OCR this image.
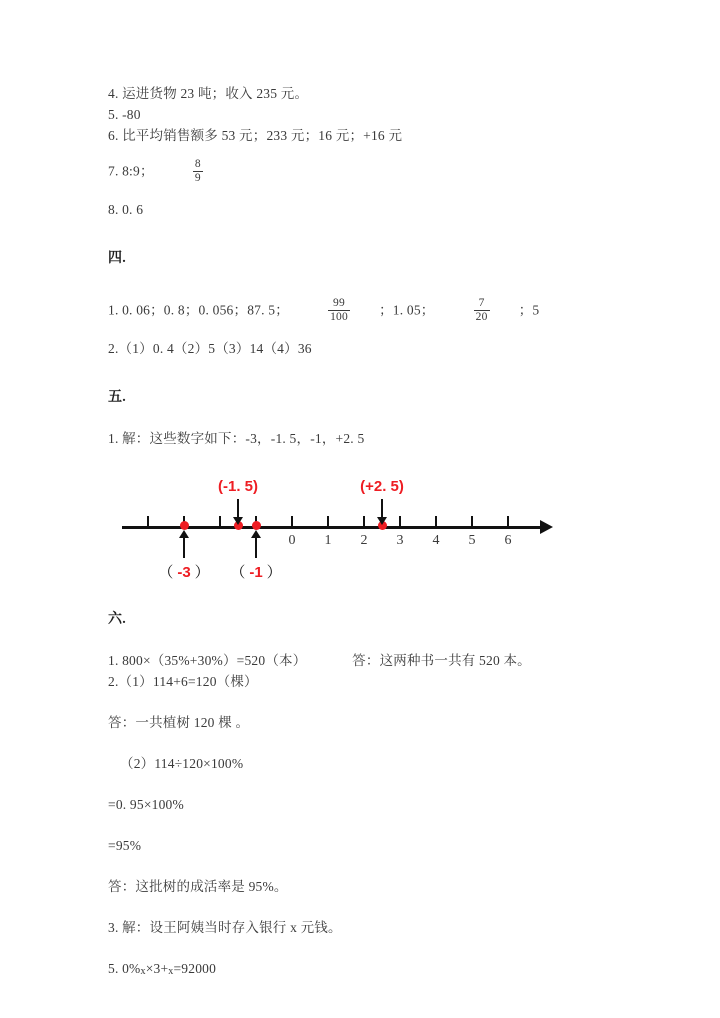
4. 运进货物 23 吨；收入 235 元。
5. -80
6. 比平均销售额多 53 元；233 元；16 元；+16 元
7. 8:9；	$\frac{8}{9}$
8. 0. 6
四.
1. 0. 06；0. 8；0. 056；87. 5；	$\frac{99}{100}$ ；1. 05；	$\frac{7}{20}$ ；5
2.（1）0. 4（2）5（3）14（4）36
五.
1. 解：这些数字如下：-3，-1. 5，-1，+2. 5
0 1 2 3 4 5 6
（ -3 ）
(-1. 5)
（ -1 ）
(+2. 5)
六.
1. 800×（35%+30%）=520（本）	答：这两种书一共有 520 本。
2.（1）114+6=120（棵）
答：一共植树 120 棵 。
（2）114÷120×100%
=0. 95×100%
=95%
答：这批树的成活率是 95%。
3. 解：设王阿姨当时存入银行 x 元钱。
5. 0%x×3+x=92000
